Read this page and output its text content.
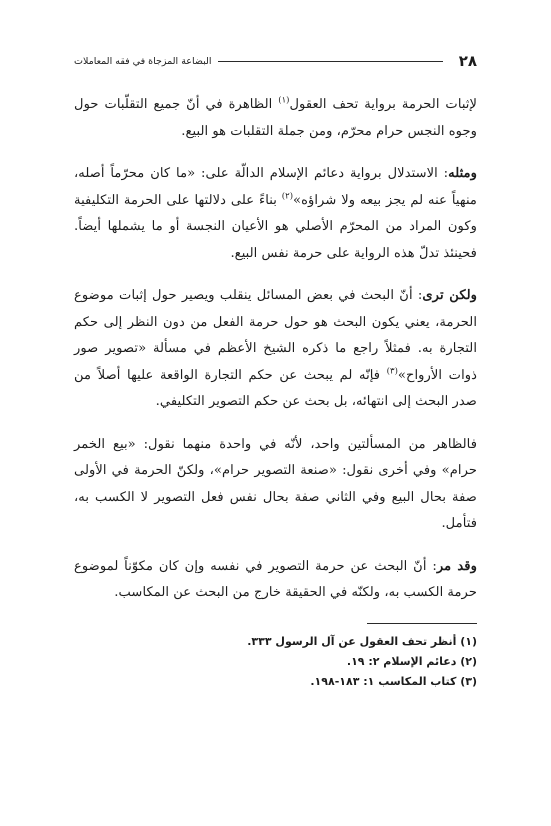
٢٨
البضاعة المزجاة في فقه المعاملات

لإثبات الحرمة برواية تحف العقول$^{(١)}$ الظاهرة في أنّ جميع التقلّبات حول وجوه النجس حرام محرّم، ومن جملة التقلبات هو البيع.

ومثله: الاستدلال برواية دعائم الإسلام الدالّة على: «ما كان محرّماً أصله، منهياً عنه لم يجز بيعه ولا شراؤه»$^{(٢)}$ بناءً على دلالتها على الحرمة التكليفية وكون المراد من المحرّم الأصلي هو الأعيان النجسة أو ما يشملها أيضاً. فحينئذ تدلّ هذه الرواية على حرمة نفس البيع.

ولكن ترى: أنّ البحث في بعض المسائل ينقلب ويصير حول إثبات موضوع الحرمة، يعني يكون البحث هو حول حرمة الفعل من دون النظر إلى حكم التجارة به. فمثلاً راجع ما ذكره الشيخ الأعظم في مسألة «تصوير صور ذوات الأرواح»$^{(٣)}$ فإنّه لم يبحث عن حكم التجارة الواقعة عليها أصلاً من صدر البحث إلى انتهائه، بل بحث عن حكم التصوير التكليفي.

فالظاهر من المسألتين واحد، لأنّه في واحدة منهما نقول: «بيع الخمر حرام» وفي أخرى نقول: «صنعة التصوير حرام»، ولكنّ الحرمة في الأولى صفة بحال البيع وفي الثاني صفة بحال نفس فعل التصوير لا الكسب به، فتأمل.

وقد مر: أنّ البحث عن حرمة التصوير في نفسه وإن كان مكوّناً لموضوع حرمة الكسب به، ولكنّه في الحقيقة خارج من البحث عن المكاسب.

(١) أنظر تحف العقول عن آل الرسول ٣٣٣.
(٢) دعائم الإسلام ٢: ١٩.
(٣) كتاب المكاسب ١: ١٨٣-١٩٨.
